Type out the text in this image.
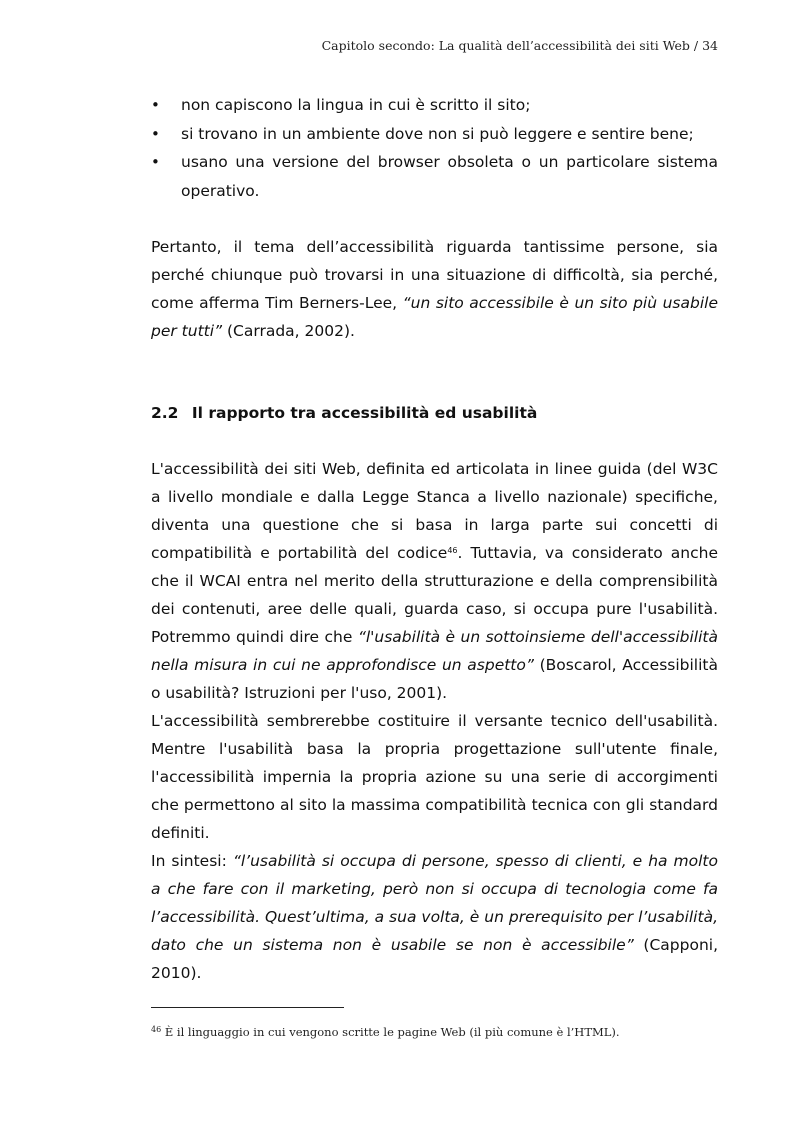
Capitolo secondo: La qualità dell’accessibilità dei siti Web / 34
• non capiscono la lingua in cui è scritto il sito;
• si trovano in un ambiente dove non si può leggere e sentire bene;
• usano una versione del browser obsoleta o un particolare sistema operativo.

Pertanto, il tema dell’accessibilità riguarda tantissime persone, sia perché chiunque può trovarsi in una situazione di difficoltà, sia perché, come afferma Tim Berners-Lee, “un sito accessibile è un sito più usabile per tutti” (Carrada, 2002).

2.2 Il rapporto tra accessibilità ed usabilità

L'accessibilità dei siti Web, definita ed articolata in linee guida (del W3C a livello mondiale e dalla Legge Stanca a livello nazionale) specifiche, diventa una questione che si basa in larga parte sui concetti di compatibilità e portabilità del codice$^{46}$. Tuttavia, va considerato anche che il WCAI entra nel merito della strutturazione e della comprensibilità dei contenuti, aree delle quali, guarda caso, si occupa pure l'usabilità. Potremmo quindi dire che “l'usabilità è un sottoinsieme dell'accessibilità nella misura in cui ne approfondisce un aspetto” (Boscarol, Accessibilità o usabilità? Istruzioni per l'uso, 2001).

L'accessibilità sembrerebbe costituire il versante tecnico dell'usabilità. Mentre l'usabilità basa la propria progettazione sull'utente finale, l'accessibilità impernia la propria azione su una serie di accorgimenti che permettono al sito la massima compatibilità tecnica con gli standard definiti.

In sintesi: “l’usabilità si occupa di persone, spesso di clienti, e ha molto a che fare con il marketing, però non si occupa di tecnologia come fa l’accessibilità. Quest’ultima, a sua volta, è un prerequisito per l’usabilità, dato che un sistema non è usabile se non è accessibile” (Capponi, 2010).

$^{46}$ È il linguaggio in cui vengono scritte le pagine Web (il più comune è l’HTML).
